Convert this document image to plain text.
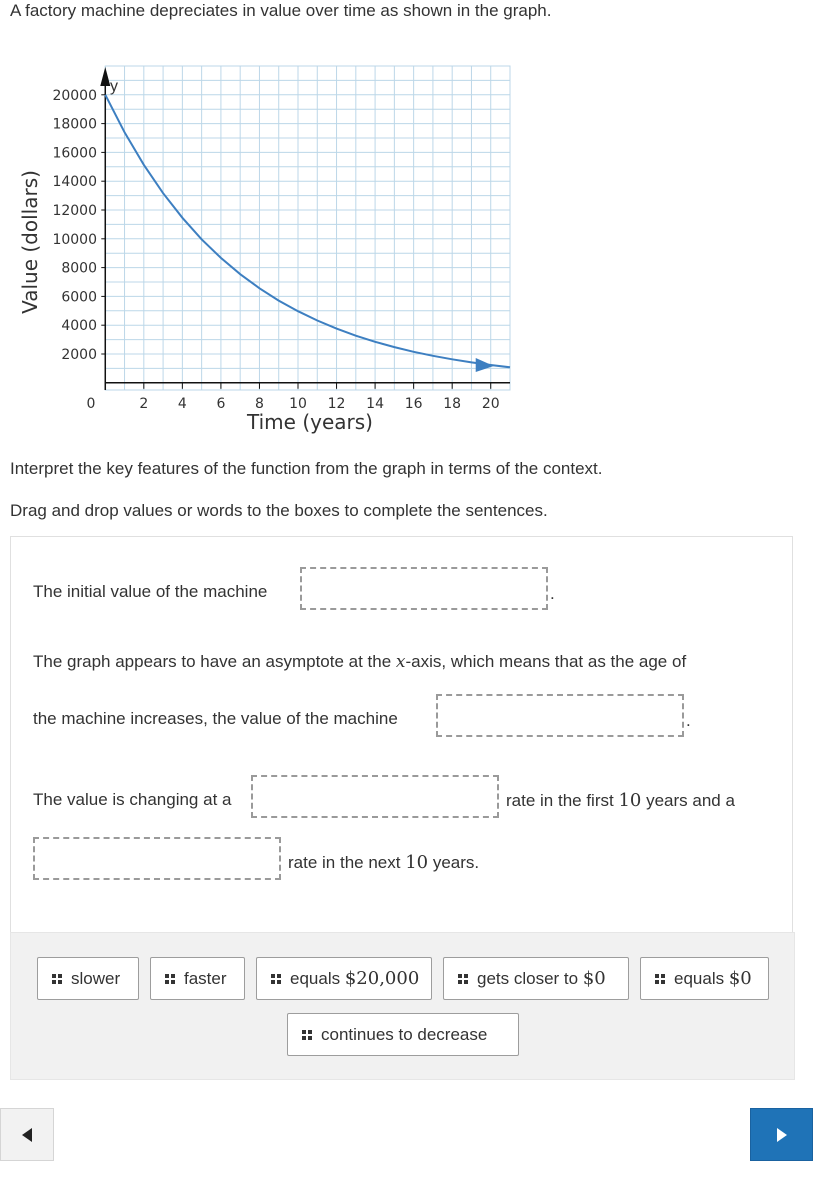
A factory machine depreciates in value over time as shown in the graph.
2000
4000
6000
8000
10000
12000
14000
16000
18000
20000
2 4 6 8 10 12 14 16 18 20
y
0
Time (years)
Value (dollars)
Interpret the key features of the function from the graph in terms of the context.
Drag and drop values or words to the boxes to complete the sentences.
The initial value of the machine	.
The graph appears to have an asymptote at the x-axis, which means that as the age of
the machine increases, the value of the machine	.
The value is changing at a	rate in the first 10 years and a
rate in the next 10 years.
slower	faster	equals
$20,000	gets closer to
$0	equals
$0
continues to decrease
